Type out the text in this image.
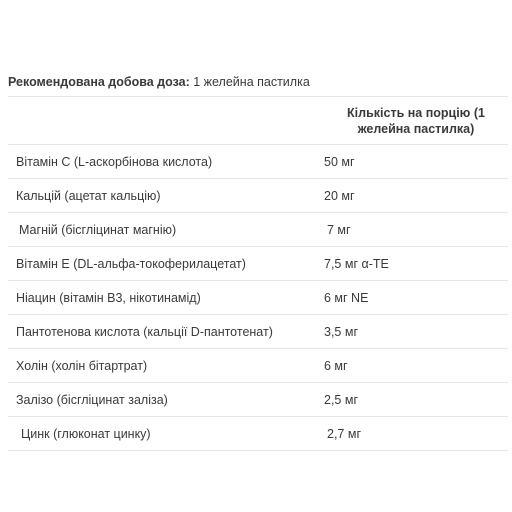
Рекомендована добова доза: 1 желейна пастилка
Кількість на порцію (1 желейна пастилка)
Вітамін С (L-аскорбінова кислота)	50 мг
Кальцій (ацетат кальцію)	20 мг
Магній (бісгліцинат магнію)	7 мг
Вітамін Е (DL-альфа-токоферилацетат)	7,5 мг α-ТЕ
Ніацин (вітамін В3, нікотинамід)	6 мг NE
Пантотенова кислота (кальції D-пантотенат)	3,5 мг
Холін (холін бітартрат)	6 мг
Залізо (бісгліцинат заліза)	2,5 мг
Цинк (глюконат цинку)	2,7 мг
